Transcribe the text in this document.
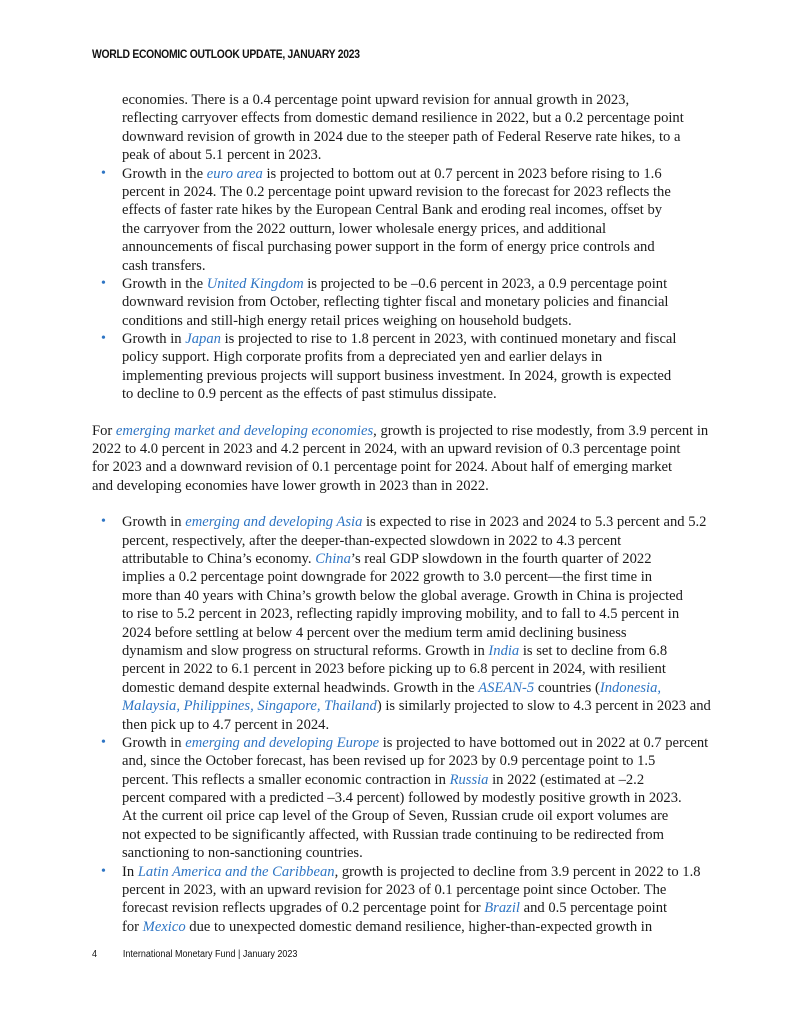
WORLD ECONOMIC OUTLOOK UPDATE, JANUARY 2023
economies. There is a 0.4 percentage point upward revision for annual growth in 2023,
reflecting carryover effects from domestic demand resilience in 2022, but a 0.2 percentage point
downward revision of growth in 2024 due to the steeper path of Federal Reserve rate hikes, to a
peak of about 5.1 percent in 2023.
• Growth in the euro area is projected to bottom out at 0.7 percent in 2023 before rising to 1.6
percent in 2024. The 0.2 percentage point upward revision to the forecast for 2023 reflects the
effects of faster rate hikes by the European Central Bank and eroding real incomes, offset by
the carryover from the 2022 outturn, lower wholesale energy prices, and additional
announcements of fiscal purchasing power support in the form of energy price controls and
cash transfers.
• Growth in the United Kingdom is projected to be –0.6 percent in 2023, a 0.9 percentage point
downward revision from October, reflecting tighter fiscal and monetary policies and financial
conditions and still-high energy retail prices weighing on household budgets.
• Growth in Japan is projected to rise to 1.8 percent in 2023, with continued monetary and fiscal
policy support. High corporate profits from a depreciated yen and earlier delays in
implementing previous projects will support business investment. In 2024, growth is expected
to decline to 0.9 percent as the effects of past stimulus dissipate.
For emerging market and developing economies, growth is projected to rise modestly, from 3.9 percent in
2022 to 4.0 percent in 2023 and 4.2 percent in 2024, with an upward revision of 0.3 percentage point
for 2023 and a downward revision of 0.1 percentage point for 2024. About half of emerging market
and developing economies have lower growth in 2023 than in 2022.
• Growth in emerging and developing Asia is expected to rise in 2023 and 2024 to 5.3 percent and 5.2
percent, respectively, after the deeper-than-expected slowdown in 2022 to 4.3 percent
attributable to China’s economy. China’s real GDP slowdown in the fourth quarter of 2022
implies a 0.2 percentage point downgrade for 2022 growth to 3.0 percent—the first time in
more than 40 years with China’s growth below the global average. Growth in China is projected
to rise to 5.2 percent in 2023, reflecting rapidly improving mobility, and to fall to 4.5 percent in
2024 before settling at below 4 percent over the medium term amid declining business
dynamism and slow progress on structural reforms. Growth in India is set to decline from 6.8
percent in 2022 to 6.1 percent in 2023 before picking up to 6.8 percent in 2024, with resilient
domestic demand despite external headwinds. Growth in the ASEAN-5 countries (Indonesia,
Malaysia, Philippines, Singapore, Thailand) is similarly projected to slow to 4.3 percent in 2023 and
then pick up to 4.7 percent in 2024.
• Growth in emerging and developing Europe is projected to have bottomed out in 2022 at 0.7 percent
and, since the October forecast, has been revised up for 2023 by 0.9 percentage point to 1.5
percent. This reflects a smaller economic contraction in Russia in 2022 (estimated at –2.2
percent compared with a predicted –3.4 percent) followed by modestly positive growth in 2023.
At the current oil price cap level of the Group of Seven, Russian crude oil export volumes are
not expected to be significantly affected, with Russian trade continuing to be redirected from
sanctioning to non-sanctioning countries.
• In Latin America and the Caribbean, growth is projected to decline from 3.9 percent in 2022 to 1.8
percent in 2023, with an upward revision for 2023 of 0.1 percentage point since October. The
forecast revision reflects upgrades of 0.2 percentage point for Brazil and 0.5 percentage point
for Mexico due to unexpected domestic demand resilience, higher-than-expected growth in
4	International Monetary Fund | January 2023
